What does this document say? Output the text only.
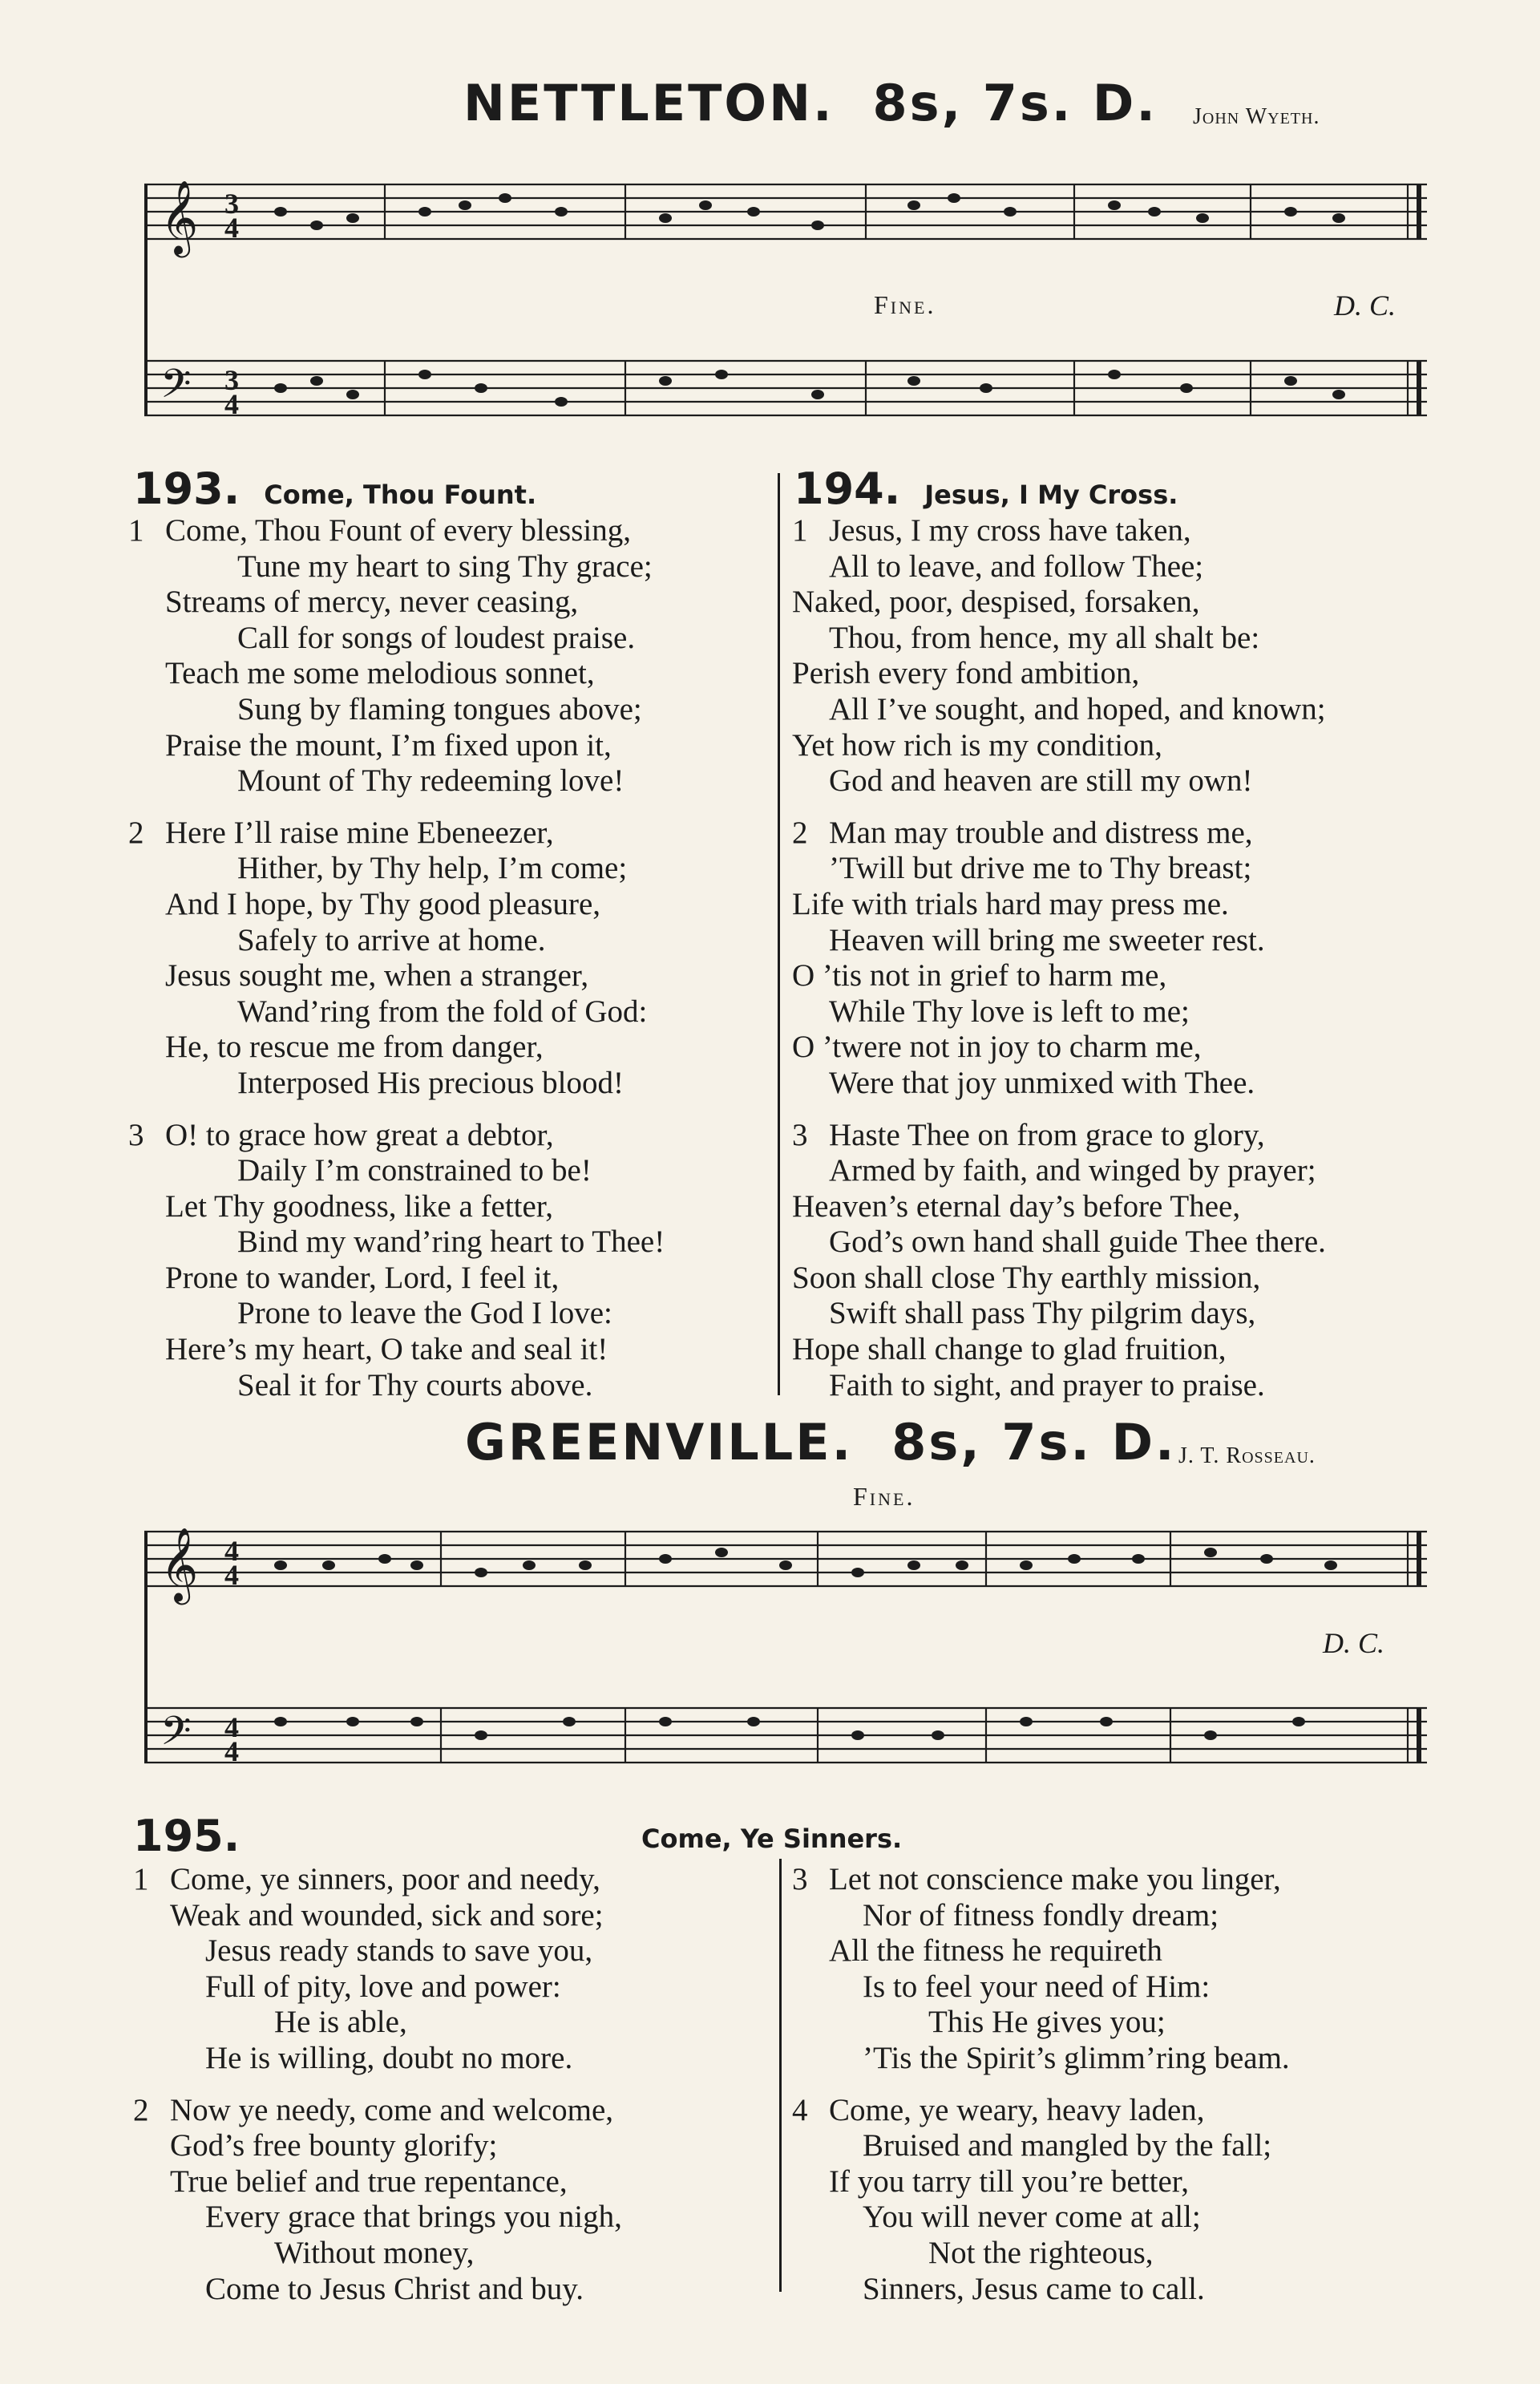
NETTLETON. 8s, 7s. D. John Wyeth.
𝄞
𝄢
3
4
3
4
Fine.	D. C.
193. Come, Thou Fount.
1 Come, Thou Fount of every blessing,
Tune my heart to sing Thy grace;
Streams of mercy, never ceasing,
Call for songs of loudest praise.
Teach me some melodious sonnet,
Sung by flaming tongues above;
Praise the mount, I’m fixed upon it,
Mount of Thy redeeming love!
2 Here I’ll raise mine Ebeneezer,
Hither, by Thy help, I’m come;
And I hope, by Thy good pleasure,
Safely to arrive at home.
Jesus sought me, when a stranger,
Wand’ring from the fold of God:
He, to rescue me from danger,
Interposed His precious blood!
3 O! to grace how great a debtor,
Daily I’m constrained to be!
Let Thy goodness, like a fetter,
Bind my wand’ring heart to Thee!
Prone to wander, Lord, I feel it,
Prone to leave the God I love:
Here’s my heart, O take and seal it!
Seal it for Thy courts above.
194. Jesus, I My Cross.
1 Jesus, I my cross have taken,
All to leave, and follow Thee;
Naked, poor, despised, forsaken,
Thou, from hence, my all shalt be:
Perish every fond ambition,
All I’ve sought, and hoped, and known;
Yet how rich is my condition,
God and heaven are still my own!
2 Man may trouble and distress me,
’Twill but drive me to Thy breast;
Life with trials hard may press me.
Heaven will bring me sweeter rest.
O ’tis not in grief to harm me,
While Thy love is left to me;
O ’twere not in joy to charm me,
Were that joy unmixed with Thee.
3 Haste Thee on from grace to glory,
Armed by faith, and winged by prayer;
Heaven’s eternal day’s before Thee,
God’s own hand shall guide Thee there.
Soon shall close Thy earthly mission,
Swift shall pass Thy pilgrim days,
Hope shall change to glad fruition,
Faith to sight, and prayer to praise.
GREENVILLE. 8s, 7s. D. J. T. Rosseau.
Fine.
𝄞
𝄢
4
4
4
4
D. C.
195.	Come, Ye Sinners.
1 Come, ye sinners, poor and needy,
Weak and wounded, sick and sore;
Jesus ready stands to save you,
Full of pity, love and power:
He is able,
He is willing, doubt no more.
2 Now ye needy, come and welcome,
God’s free bounty glorify;
True belief and true repentance,
Every grace that brings you nigh,
Without money,
Come to Jesus Christ and buy.
3 Let not conscience make you linger,
Nor of fitness fondly dream;
All the fitness he requireth
Is to feel your need of Him:
This He gives you;
’Tis the Spirit’s glimm’ring beam.
4 Come, ye weary, heavy laden,
Bruised and mangled by the fall;
If you tarry till you’re better,
You will never come at all;
Not the righteous,
Sinners, Jesus came to call.
